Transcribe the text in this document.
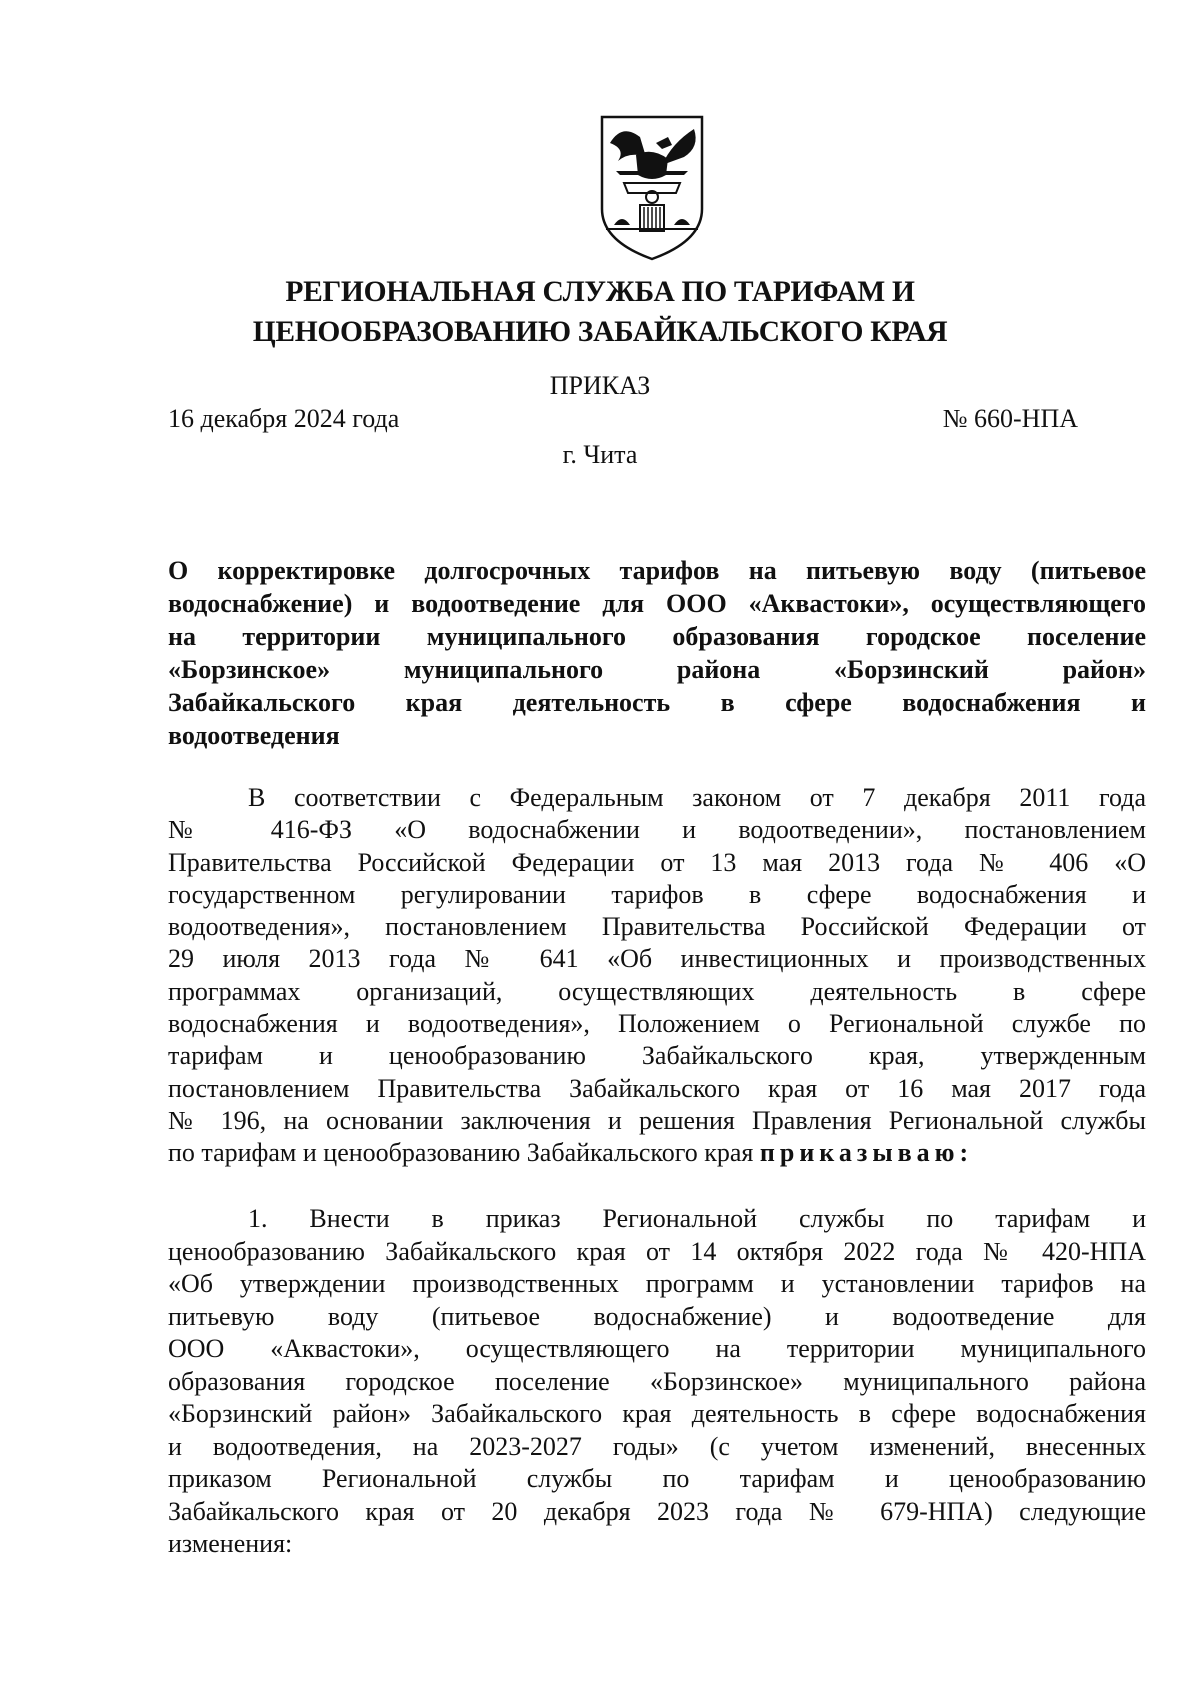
РЕГИОНАЛЬНАЯ СЛУЖБА ПО ТАРИФАМ И
ЦЕНООБРАЗОВАНИЮ ЗАБАЙКАЛЬСКОГО КРАЯ
ПРИКАЗ
16 декабря 2024 года	№ 660-НПА
г. Чита
О корректировке долгосрочных тарифов на питьевую воду (питьевое
водоснабжение) и водоотведение для ООО «Аквастоки», осуществляющего
на территории муниципального образования городское поселение
«Борзинское» муниципального района «Борзинский район»
Забайкальского края деятельность в сфере водоснабжения и
водоотведения
В соответствии с Федеральным законом от 7 декабря 2011 года
№ 416-ФЗ «О водоснабжении и водоотведении», постановлением
Правительства Российской Федерации от 13 мая 2013 года № 406 «О
государственном регулировании тарифов в сфере водоснабжения и
водоотведения», постановлением Правительства Российской Федерации от
29 июля 2013 года № 641 «Об инвестиционных и производственных
программах организаций, осуществляющих деятельность в сфере
водоснабжения и водоотведения», Положением о Региональной службе по
тарифам и ценообразованию Забайкальского края, утвержденным
постановлением Правительства Забайкальского края от 16 мая 2017 года
№ 196, на основании заключения и решения Правления Региональной службы
по тарифам и ценообразованию Забайкальского края приказываю:
1. Внести в приказ Региональной службы по тарифам и
ценообразованию Забайкальского края от 14 октября 2022 года № 420-НПА
«Об утверждении производственных программ и установлении тарифов на
питьевую воду (питьевое водоснабжение) и водоотведение для
ООО «Аквастоки», осуществляющего на территории муниципального
образования городское поселение «Борзинское» муниципального района
«Борзинский район» Забайкальского края деятельность в сфере водоснабжения
и водоотведения, на 2023-2027 годы» (с учетом изменений, внесенных
приказом Региональной службы по тарифам и ценообразованию
Забайкальского края от 20 декабря 2023 года № 679-НПА) следующие
изменения:
